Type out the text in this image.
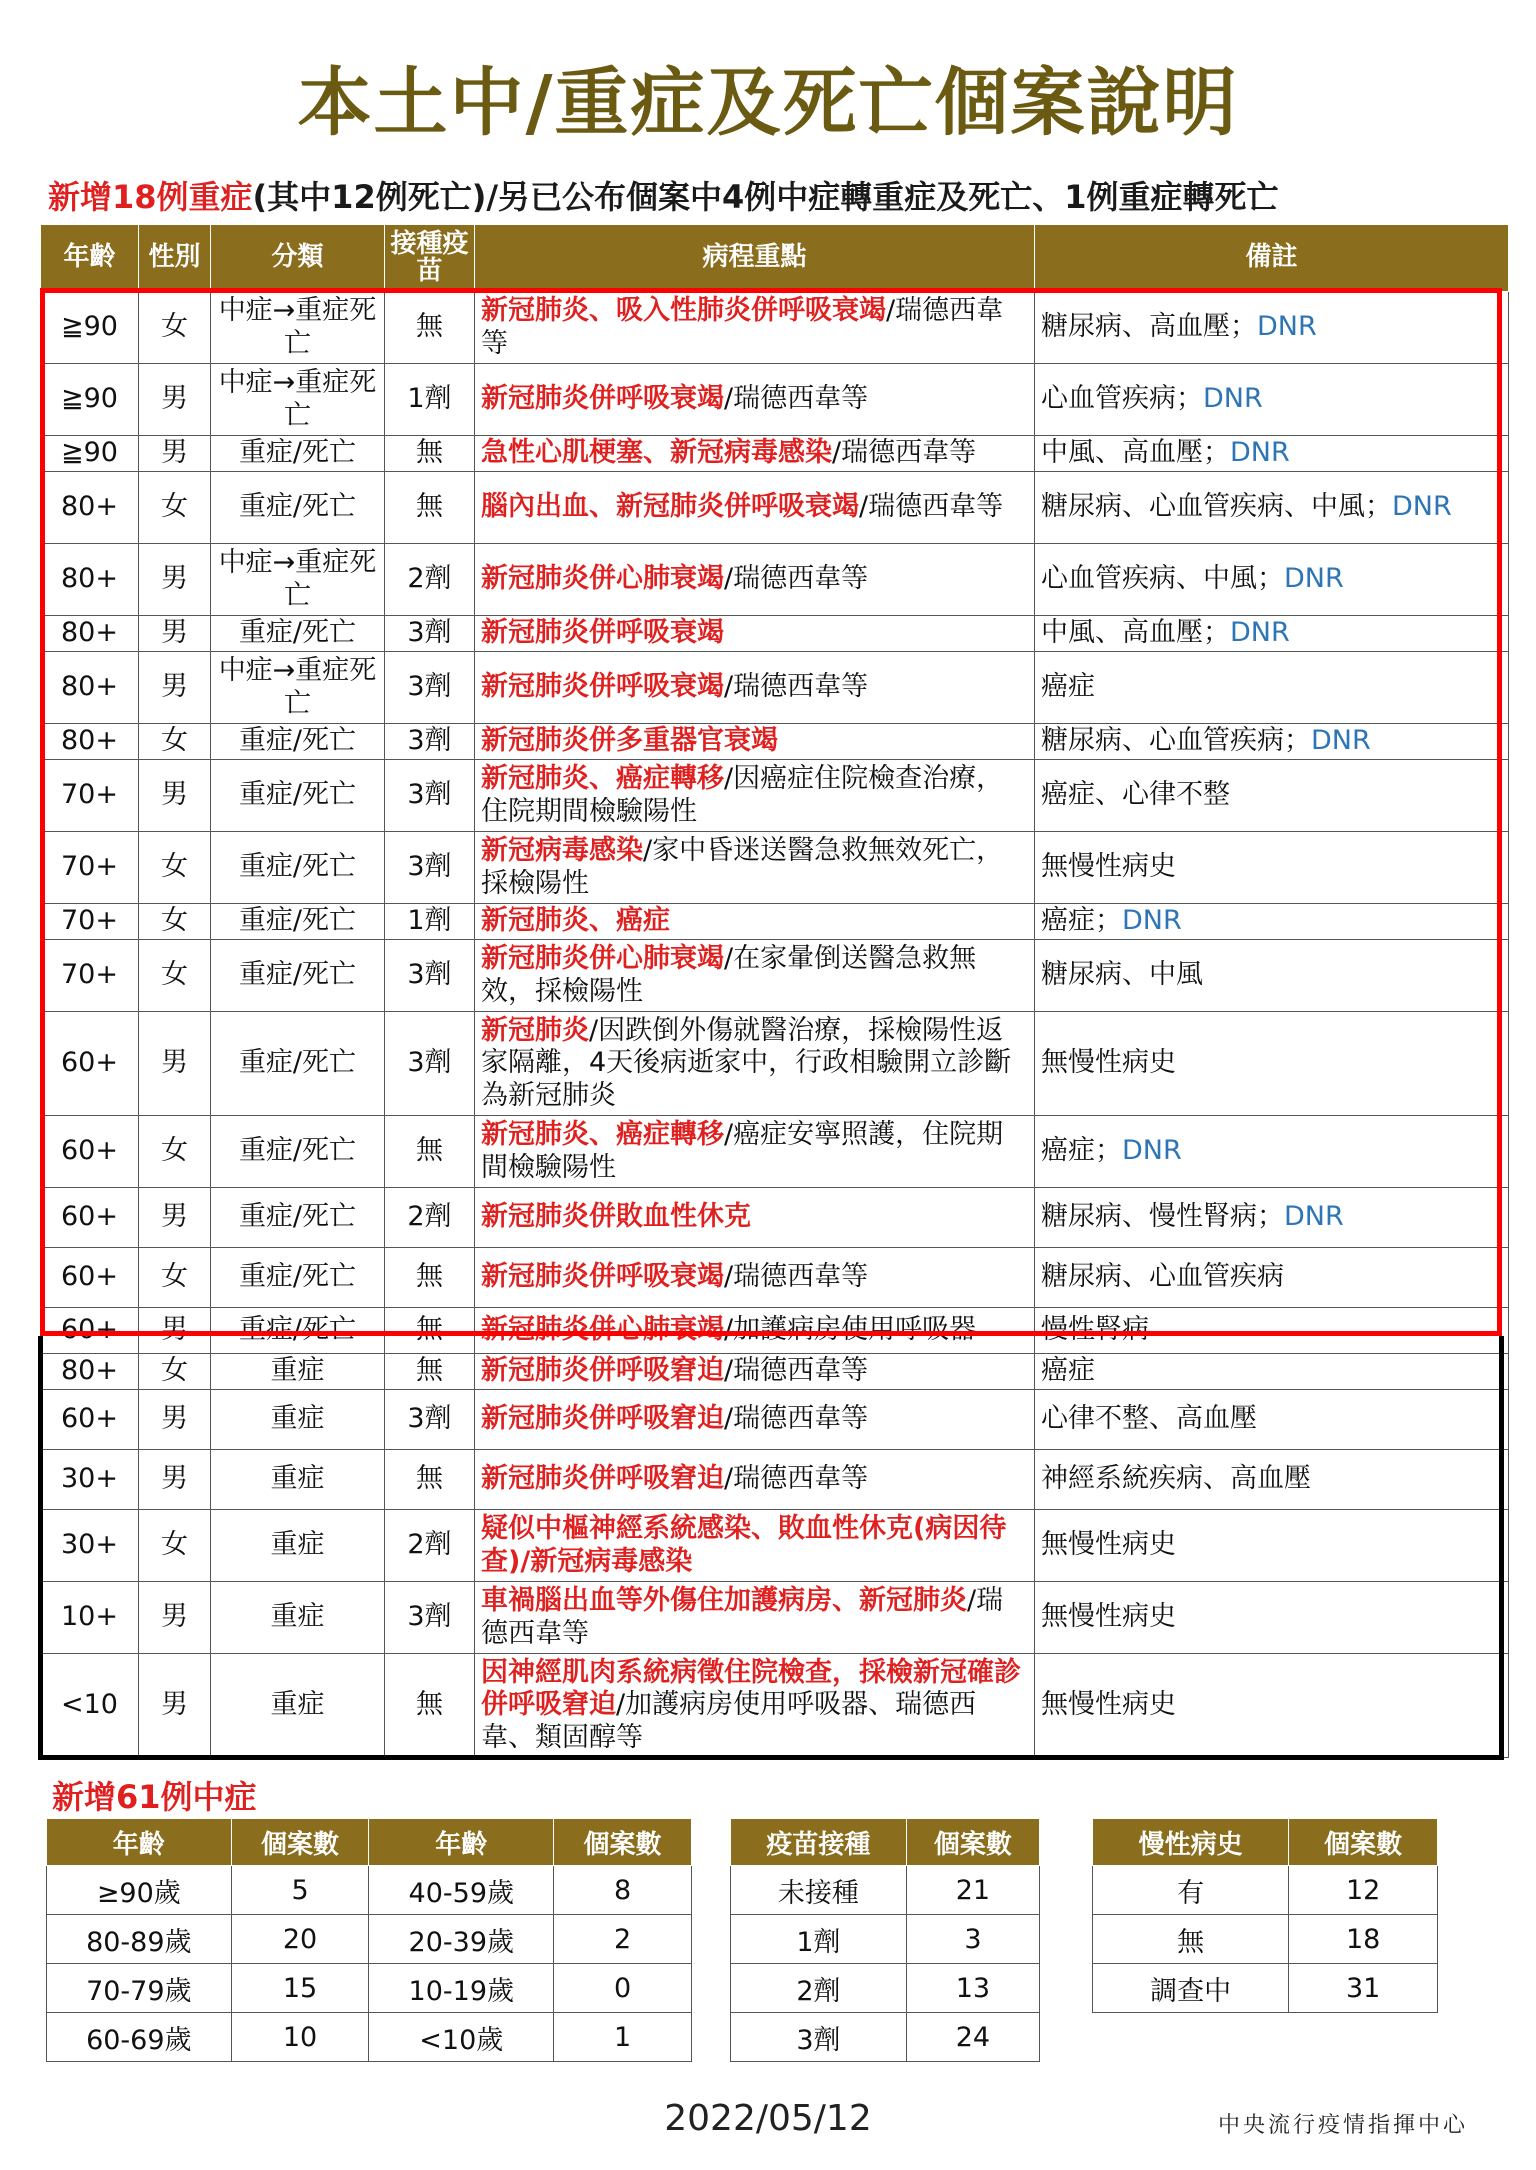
本土中/重症及死亡個案說明
新增18例重症(其中12例死亡)/另已公布個案中4例中症轉重症及死亡、1例重症轉死亡
年齡	性別	分類	接種疫苗	病程重點	備註
≧90	女	中症→重症死亡	無	新冠肺炎、吸入性肺炎併呼吸衰竭/瑞德西韋等	糖尿病、高血壓；DNR
≧90	男	中症→重症死亡	1劑	新冠肺炎併呼吸衰竭/瑞德西韋等	心血管疾病；DNR
≧90	男	重症/死亡	無	急性心肌梗塞、新冠病毒感染/瑞德西韋等	中風、高血壓；DNR
80+	女	重症/死亡	無	腦內出血、新冠肺炎併呼吸衰竭/瑞德西韋等	糖尿病、心血管疾病、中風；DNR
80+	男	中症→重症死亡	2劑	新冠肺炎併心肺衰竭/瑞德西韋等	心血管疾病、中風；DNR
80+	男	重症/死亡	3劑	新冠肺炎併呼吸衰竭	中風、高血壓；DNR
80+	男	中症→重症死亡	3劑	新冠肺炎併呼吸衰竭/瑞德西韋等	癌症
80+	女	重症/死亡	3劑	新冠肺炎併多重器官衰竭	糖尿病、心血管疾病；DNR
70+	男	重症/死亡	3劑	新冠肺炎、癌症轉移/因癌症住院檢查治療，住院期間檢驗陽性	癌症、心律不整
70+	女	重症/死亡	3劑	新冠病毒感染/家中昏迷送醫急救無效死亡，採檢陽性	無慢性病史
70+	女	重症/死亡	1劑	新冠肺炎、癌症	癌症；DNR
70+	女	重症/死亡	3劑	新冠肺炎併心肺衰竭/在家暈倒送醫急救無效，採檢陽性	糖尿病、中風
60+	男	重症/死亡	3劑	新冠肺炎/因跌倒外傷就醫治療，採檢陽性返家隔離，4天後病逝家中，行政相驗開立診斷為新冠肺炎	無慢性病史
60+	女	重症/死亡	無	新冠肺炎、癌症轉移/癌症安寧照護，住院期間檢驗陽性	癌症；DNR
60+	男	重症/死亡	2劑	新冠肺炎併敗血性休克	糖尿病、慢性腎病；DNR
60+	女	重症/死亡	無	新冠肺炎併呼吸衰竭/瑞德西韋等	糖尿病、心血管疾病
60+	男	重症/死亡	無	新冠肺炎併心肺衰竭/加護病房使用呼吸器	慢性腎病
80+	女	重症	無	新冠肺炎併呼吸窘迫/瑞德西韋等	癌症
60+	男	重症	3劑	新冠肺炎併呼吸窘迫/瑞德西韋等	心律不整、高血壓
30+	男	重症	無	新冠肺炎併呼吸窘迫/瑞德西韋等	神經系統疾病、高血壓
30+	女	重症	2劑	疑似中樞神經系統感染、敗血性休克(病因待查)/新冠病毒感染	無慢性病史
10+	男	重症	3劑	車禍腦出血等外傷住加護病房、新冠肺炎/瑞德西韋等	無慢性病史
<10	男	重症	無	因神經肌肉系統病徵住院檢查，採檢新冠確診併呼吸窘迫/加護病房使用呼吸器、瑞德西韋、類固醇等	無慢性病史
新增61例中症
年齡	個案數	年齡	個案數
≥90歲	5	40-59歲	8
80-89歲	20	20-39歲	2
70-79歲	15	10-19歲	0
60-69歲	10	<10歲	1
疫苗接種	個案數
未接種	21
1劑	3
2劑	13
3劑	24
慢性病史	個案數
有	12
無	18
調查中	31
2022/05/12	中央流行疫情指揮中心
